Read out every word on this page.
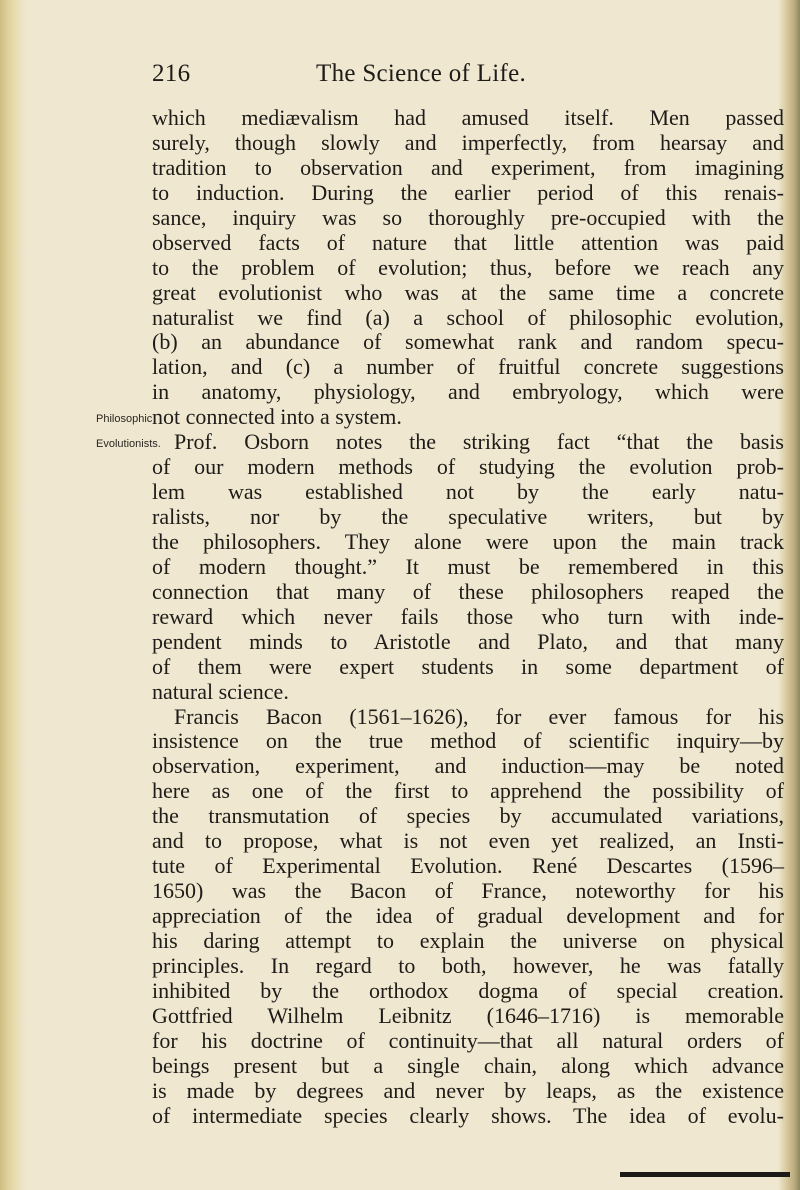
216	The Science of Life.
Philosophic
Evolutionists.
which mediævalism had amused itself. Men passed
surely, though slowly and imperfectly, from hearsay and
tradition to observation and experiment, from imagining
to induction. During the earlier period of this renais-
sance, inquiry was so thoroughly pre-occupied with the
observed facts of nature that little attention was paid
to the problem of evolution; thus, before we reach any
great evolutionist who was at the same time a concrete
naturalist we find (a) a school of philosophic evolution,
(b) an abundance of somewhat rank and random specu-
lation, and (c) a number of fruitful concrete suggestions
in anatomy, physiology, and embryology, which were
not connected into a system.
Prof. Osborn notes the striking fact “that the basis
of our modern methods of studying the evolution prob-
lem was established not by the early natu-
ralists, nor by the speculative writers, but by
the philosophers. They alone were upon the main track
of modern thought.” It must be remembered in this
connection that many of these philosophers reaped the
reward which never fails those who turn with inde-
pendent minds to Aristotle and Plato, and that many
of them were expert students in some department of
natural science.
Francis Bacon (1561–1626), for ever famous for his
insistence on the true method of scientific inquiry—by
observation, experiment, and induction—may be noted
here as one of the first to apprehend the possibility of
the transmutation of species by accumulated variations,
and to propose, what is not even yet realized, an Insti-
tute of Experimental Evolution. René Descartes (1596–
1650) was the Bacon of France, noteworthy for his
appreciation of the idea of gradual development and for
his daring attempt to explain the universe on physical
principles. In regard to both, however, he was fatally
inhibited by the orthodox dogma of special creation.
Gottfried Wilhelm Leibnitz (1646–1716) is memorable
for his doctrine of continuity—that all natural orders of
beings present but a single chain, along which advance
is made by degrees and never by leaps, as the existence
of intermediate species clearly shows. The idea of evolu-
